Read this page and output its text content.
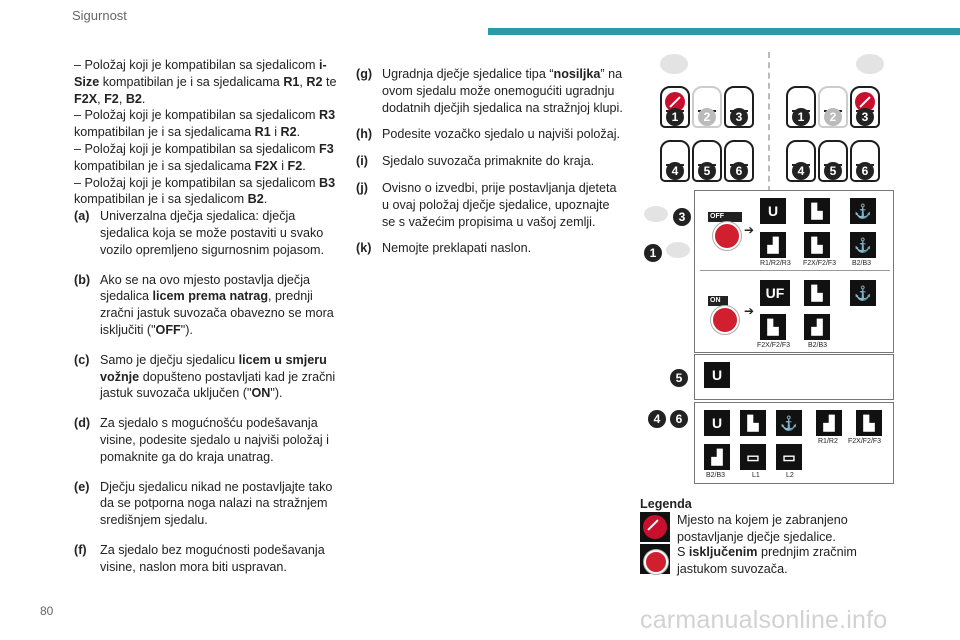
Sigurnost

– Položaj koji je kompatibilan sa sjedalicom i-Size kompatibilan je i sa sjedalicama R1, R2 te F2X, F2, B2.

– Položaj koji je kompatibilan sa sjedalicom R3 kompatibilan je i sa sjedalicama R1 i R2.

– Položaj koji je kompatibilan sa sjedalicom F3 kompatibilan je i sa sjedalicama F2X i F2.

– Položaj koji je kompatibilan sa sjedalicom B3 kompatibilan je i sa sjedalicom B2.

(a) Univerzalna dječja sjedalica: dječja sjedalica koja se može postaviti u svako vozilo opremljeno sigurnosnim pojasom.
(b) Ako se na ovo mjesto postavlja dječja sjedalica licem prema natrag, prednji zračni jastuk suvozača obavezno se mora isključiti ("OFF").
(c) Samo je dječju sjedalicu licem u smjeru vožnje dopušteno postavljati kad je zračni jastuk suvozača uključen ("ON").
(d) Za sjedalo s mogućnošću podešavanja visine, podesite sjedalo u najviši položaj i pomaknite ga do kraja unatrag.
(e) Dječju sjedalicu nikad ne postavljajte tako da se potporna noga nalazi na stražnjem središnjem sjedalu.
(f)	Za sjedalo bez mogućnosti podešavanja visine, naslon mora biti uspravan.
(g) Ugradnja dječje sjedalice tipa “nosiljka” na ovom sjedalu može onemogućiti ugradnju dodatnih dječjih sjedalica na stražnjoj klupi.
(h) Podesite vozačko sjedalo u najviši položaj.
(i)	Sjedalo suvozača primaknite do kraja.
(j)	Ovisno o izvedbi, prije postavljanja djeteta u ovaj položaj dječje sjedalice, upoznajte se s važećim propisima u vašoj zemlji.
(k) Nemojte preklapati naslon.
1	2	3
4	5	6
1	2	3
4	5	6
3
1
5
4	6
OFF
➔
U	▙	⚓
▟	▙	⚓
R1/R2/R3 F2X/F2/F3 B2/B3
ON
➔
UF	▙	⚓
▙	▟
F2X/F2/F3	B2/B3
U
U	▙	⚓	▟	▙
R1/R2 F2X/F2/F3
▟	▭	▭
B2/B3	L1	L2
Legenda
Mjesto na kojem je zabranjeno postavljanje dječje sjedalice.
S isključenim prednjim zračnim jastukom suvozača.
80	carmanualsonline.info
